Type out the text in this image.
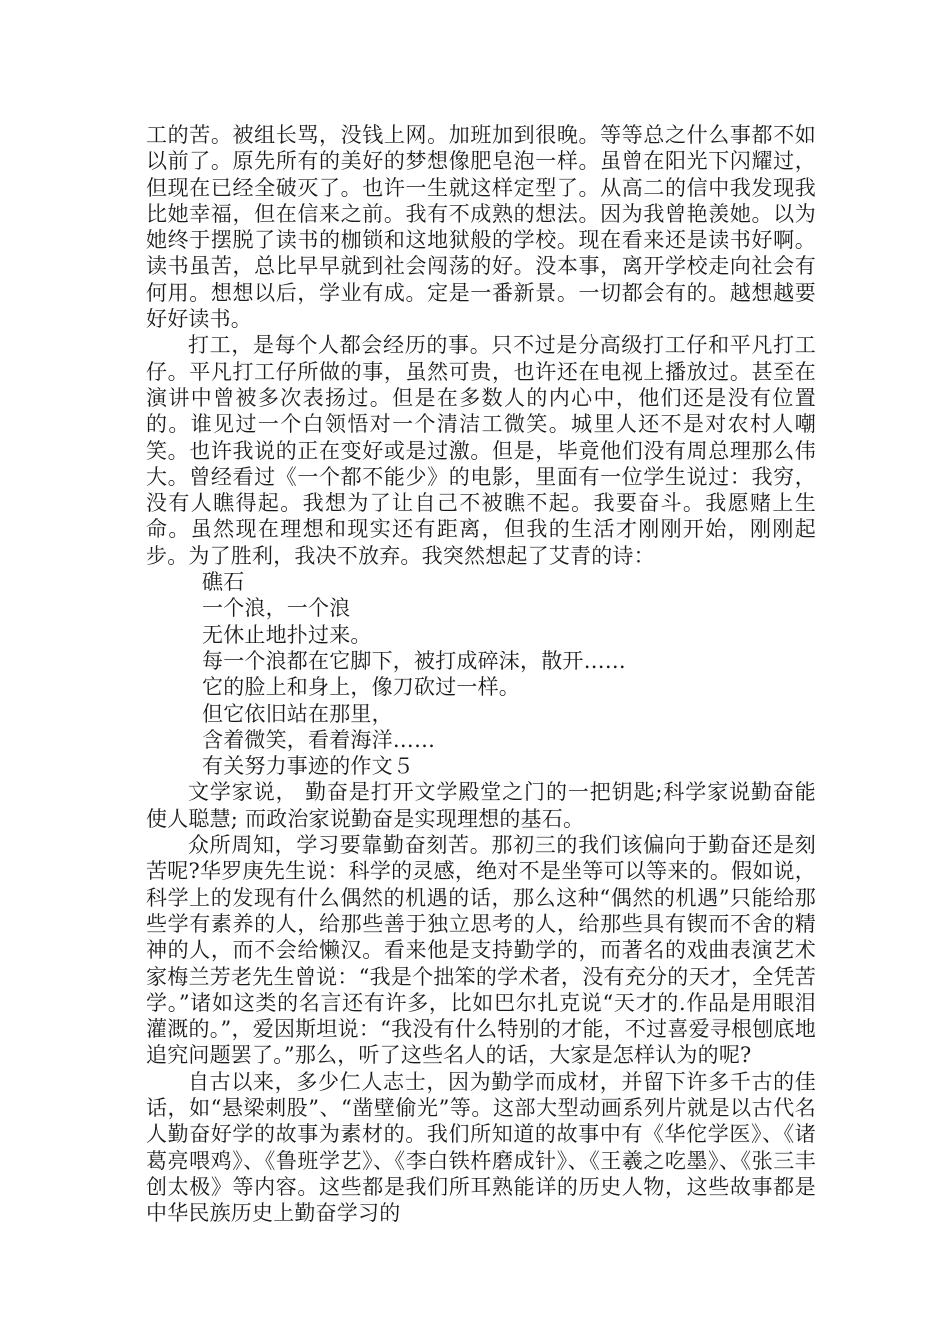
工的苦。被组长骂，没钱上网。加班加到很晚。等等总之什么事都不如以前了。原先所有的美好的梦想像肥皂泡一样。虽曾在阳光下闪耀过，但现在已经全破灭了。也许一生就这样定型了。从高二的信中我发现我比她幸福，但在信来之前。我有不成熟的想法。因为我曾艳羡她。以为她终于摆脱了读书的枷锁和这地狱般的学校。现在看来还是读书好啊。读书虽苦，总比早早就到社会闯荡的好。没本事，离开学校走向社会有何用。想想以后，学业有成。定是一番新景。一切都会有的。越想越要好好读书。

打工，是每个人都会经历的事。只不过是分高级打工仔和平凡打工仔。平凡打工仔所做的事，虽然可贵，也许还在电视上播放过。甚至在演讲中曾被多次表扬过。但是在多数人的内心中，他们还是没有位置的。谁见过一个白领悟对一个清洁工微笑。城里人还不是对农村人嘲笑。也许我说的正在变好或是过激。但是，毕竟他们没有周总理那么伟大。曾经看过《一个都不能少》的电影，里面有一位学生说过：我穷，没有人瞧得起。我想为了让自己不被瞧不起。我要奋斗。我愿赌上生命。虽然现在理想和现实还有距离，但我的生活才刚刚开始，刚刚起步。为了胜利，我决不放弃。我突然想起了艾青的诗：

礁石

一个浪，一个浪

无休止地扑过来。

每一个浪都在它脚下，被打成碎沫，散开……

它的脸上和身上，像刀砍过一样。

但它依旧站在那里，

含着微笑，看着海洋……

有关努力事迹的作文５

文学家说， 勤奋是打开文学殿堂之门的一把钥匙;科学家说勤奋能使人聪慧; 而政治家说勤奋是实现理想的基石。

众所周知，学习要靠勤奋刻苦。那初三的我们该偏向于勤奋还是刻苦呢?华罗庚先生说：科学的灵感，绝对不是坐等可以等来的。假如说，科学上的发现有什么偶然的机遇的话，那么这种“偶然的机遇”只能给那些学有素养的人，给那些善于独立思考的人，给那些具有锲而不舍的精神的人，而不会给懒汉。看来他是支持勤学的，而著名的戏曲表演艺术家梅兰芳老先生曾说：“我是个拙笨的学术者，没有充分的天才，全凭苦学。”诸如这类的名言还有许多，比如巴尔扎克说“天才的.作品是用眼泪灌溉的。”，爱因斯坦说：“我没有什么特别的才能，不过喜爱寻根刨底地追究问题罢了。”那么，听了这些名人的话，大家是怎样认为的呢?

自古以来，多少仁人志士，因为勤学而成材，并留下许多千古的佳话，如“悬梁刺股”、“凿壁偷光”等。这部大型动画系列片就是以古代名人勤奋好学的故事为素材的。我们所知道的故事中有《华佗学医》、《诸葛亮喂鸡》、《鲁班学艺》、《李白铁杵磨成针》、《王羲之吃墨》、《张三丰创太极》等内容。这些都是我们所耳熟能详的历史人物，这些故事都是中华民族历史上勤奋学习的
